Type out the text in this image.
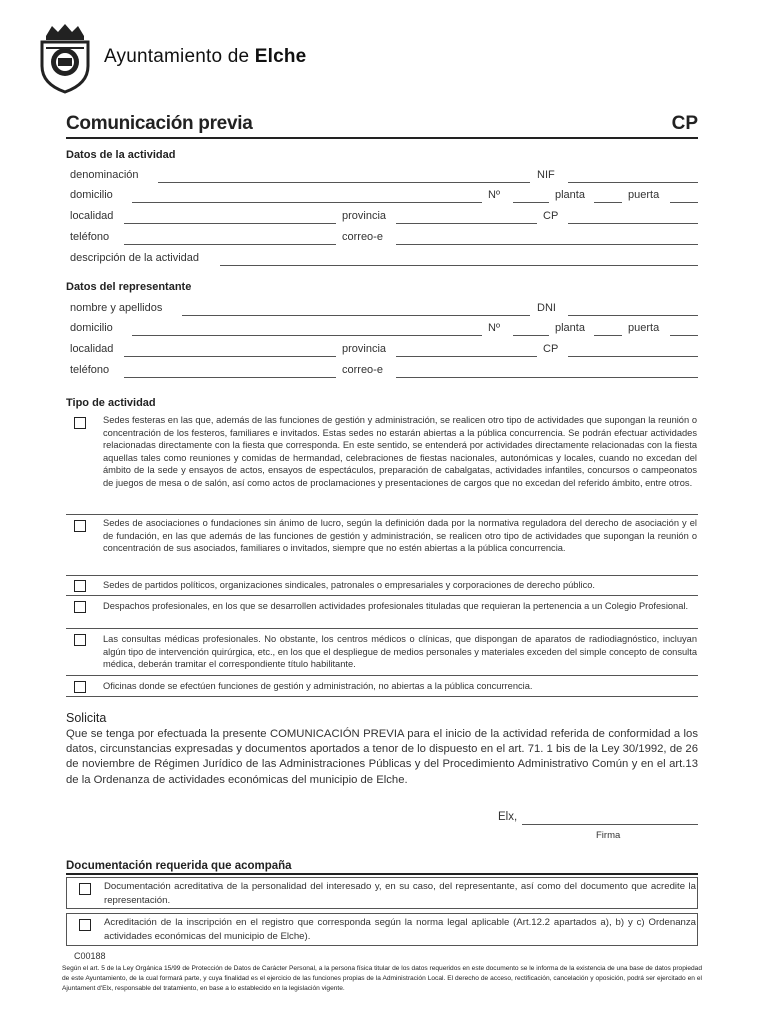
Ayuntamiento de Elche
Comunicación previa	CP
Datos de la actividad
denominación	NIF
domicilio	Nº	planta	puerta
localidad	provincia	CP
teléfono	correo-e
descripción de la actividad
Datos del representante
nombre y apellidos	DNI
domicilio	Nº	planta	puerta
localidad	provincia	CP
teléfono	correo-e
Tipo de actividad
Sedes festeras en las que, además de las funciones de gestión y administración, se realicen otro tipo de actividades que supongan la reunión o concentración de los festeros, familiares e invitados. Estas sedes no estarán abiertas a la pública concurrencia. Se podrán efectuar actividades relacionadas directamente con la fiesta que corresponda. En este sentido, se entenderá por actividades directamente relacionadas con la fiesta aquellas tales como reuniones y comidas de hermandad, celebraciones de fiestas nacionales, autonómicas y locales, cuando no excedan del ámbito de la sede y ensayos de actos, ensayos de espectáculos, preparación de cabalgatas, actividades infantiles, concursos o campeonatos de juegos de mesa o de salón, así como actos de proclamaciones y presentaciones de cargos que no excedan del referido ámbito, entre otros.
Sedes de asociaciones o fundaciones sin ánimo de lucro, según la definición dada por la normativa reguladora del derecho de asociación y el de fundación, en las que además de las funciones de gestión y administración, se realicen otro tipo de actividades que supongan la reunión o concentración de sus asociados, familiares o invitados, siempre que no estén abiertas a la pública concurrencia.
Sedes de partidos políticos, organizaciones sindicales, patronales o empresariales y corporaciones de derecho público.
Despachos profesionales, en los que se desarrollen actividades profesionales tituladas que requieran la pertenencia a un Colegio Profesional.
Las consultas médicas profesionales. No obstante, los centros médicos o clínicas, que dispongan de aparatos de radiodiagnóstico, incluyan algún tipo de intervención quirúrgica, etc., en los que el despliegue de medios personales y materiales exceden del simple concepto de consulta médica, deberán tramitar el correspondiente título habilitante.
Oficinas donde se efectúen funciones de gestión y administración, no abiertas a la pública concurrencia.
Solicita
Que se tenga por efectuada la presente COMUNICACIÓN PREVIA para el inicio de la actividad referida de conformidad a los datos, circunstancias expresadas y documentos aportados a tenor de lo dispuesto en el art. 71. 1 bis de la Ley 30/1992, de 26 de noviembre de Régimen Jurídico de las Administraciones Públicas y del Procedimiento Administrativo Común y en el art.13 de la Ordenanza de actividades económicas del municipio de Elche.
Elx,
Firma
Documentación requerida que acompaña
Documentación acreditativa de la personalidad del interesado y, en su caso, del representante, así como del documento que acredite la representación.
Acreditación de la inscripción en el registro que corresponda según la norma legal aplicable (Art.12.2 apartados a), b) y c) Ordenanza actividades económicas del municipio de Elche).
C00188
Según el art. 5 de la Ley Orgánica 15/99 de Protección de Datos de Carácter Personal, a la persona física titular de los datos requeridos en este documento se le informa de la existencia de una base de datos propiedad de este Ayuntamiento, de la cual formará parte, y cuya finalidad es el ejercicio de las funciones propias de la Administración Local. El derecho de acceso, rectificación, cancelación y oposición, podrá ser ejercitado en el Ajuntament d'Elx, responsable del tratamiento, en base a lo establecido en la legislación vigente.
